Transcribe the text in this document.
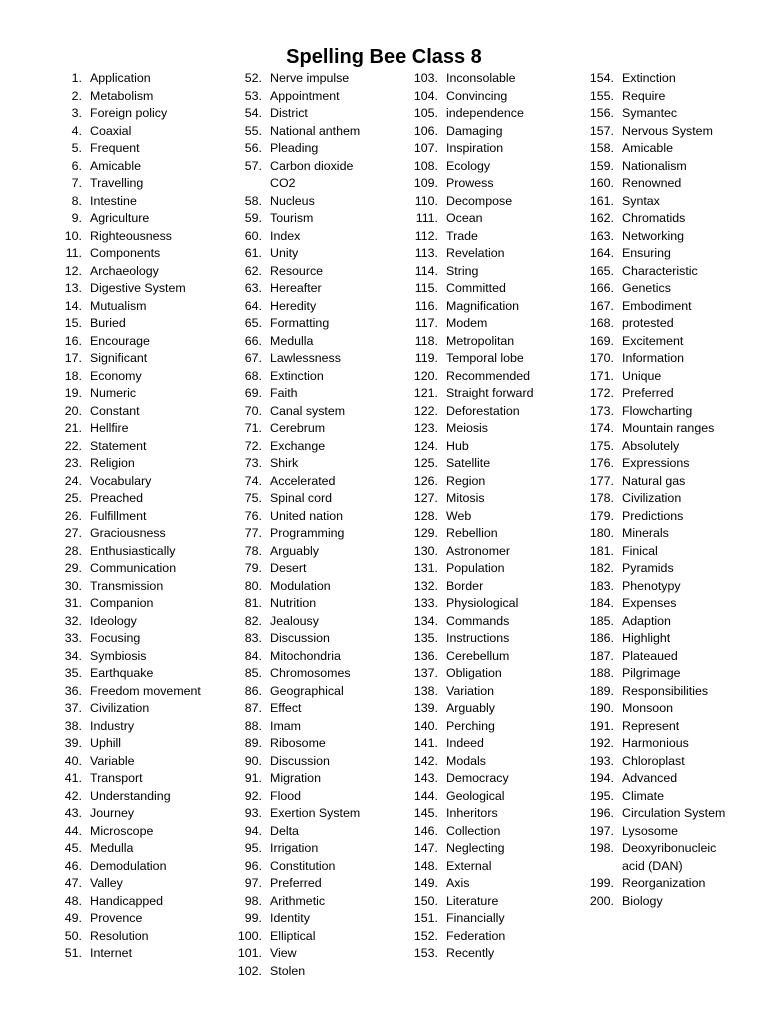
Spelling Bee Class 8
1. Application
2. Metabolism
3. Foreign policy
4. Coaxial
5. Frequent
6. Amicable
7. Travelling
8. Intestine
9. Agriculture
10. Righteousness
11. Components
12. Archaeology
13. Digestive System
14. Mutualism
15. Buried
16. Encourage
17. Significant
18. Economy
19. Numeric
20. Constant
21. Hellfire
22. Statement
23. Religion
24. Vocabulary
25. Preached
26. Fulfillment
27. Graciousness
28. Enthusiastically
29. Communication
30. Transmission
31. Companion
32. Ideology
33. Focusing
34. Symbiosis
35. Earthquake
36. Freedom movement
37. Civilization
38. Industry
39. Uphill
40. Variable
41. Transport
42. Understanding
43. Journey
44. Microscope
45. Medulla
46. Demodulation
47. Valley
48. Handicapped
49. Provence
50. Resolution
51. Internet
52. Nerve impulse
53. Appointment
54. District
55. National anthem
56. Pleading
57. Carbon dioxide CO2
58. Nucleus
59. Tourism
60. Index
61. Unity
62. Resource
63. Hereafter
64. Heredity
65. Formatting
66. Medulla
67. Lawlessness
68. Extinction
69. Faith
70. Canal system
71. Cerebrum
72. Exchange
73. Shirk
74. Accelerated
75. Spinal cord
76. United nation
77. Programming
78. Arguably
79. Desert
80. Modulation
81. Nutrition
82. Jealousy
83. Discussion
84. Mitochondria
85. Chromosomes
86. Geographical
87. Effect
88. Imam
89. Ribosome
90. Discussion
91. Migration
92. Flood
93. Exertion System
94. Delta
95. Irrigation
96. Constitution
97. Preferred
98. Arithmetic
99. Identity
100. Elliptical
101. View
102. Stolen
103. Inconsolable
104. Convincing
105. independence
106. Damaging
107. Inspiration
108. Ecology
109. Prowess
110. Decompose
111. Ocean
112. Trade
113. Revelation
114. String
115. Committed
116. Magnification
117. Modem
118. Metropolitan
119. Temporal lobe
120. Recommended
121. Straight forward
122. Deforestation
123. Meiosis
124. Hub
125. Satellite
126. Region
127. Mitosis
128. Web
129. Rebellion
130. Astronomer
131. Population
132. Border
133. Physiological
134. Commands
135. Instructions
136. Cerebellum
137. Obligation
138. Variation
139. Arguably
140. Perching
141. Indeed
142. Modals
143. Democracy
144. Geological
145. Inheritors
146. Collection
147. Neglecting
148. External
149. Axis
150. Literature
151. Financially
152. Federation
153. Recently
154. Extinction
155. Require
156. Symantec
157. Nervous System
158. Amicable
159. Nationalism
160. Renowned
161. Syntax
162. Chromatids
163. Networking
164. Ensuring
165. Characteristic
166. Genetics
167. Embodiment
168. protested
169. Excitement
170. Information
171. Unique
172. Preferred
173. Flowcharting
174. Mountain ranges
175. Absolutely
176. Expressions
177. Natural gas
178. Civilization
179. Predictions
180. Minerals
181. Finical
182. Pyramids
183. Phenotypy
184. Expenses
185. Adaption
186. Highlight
187. Plateaued
188. Pilgrimage
189. Responsibilities
190. Monsoon
191. Represent
192. Harmonious
193. Chloroplast
194. Advanced
195. Climate
196. Circulation System
197. Lysosome
198. Deoxyribonucleic acid (DAN)
199. Reorganization
200. Biology
